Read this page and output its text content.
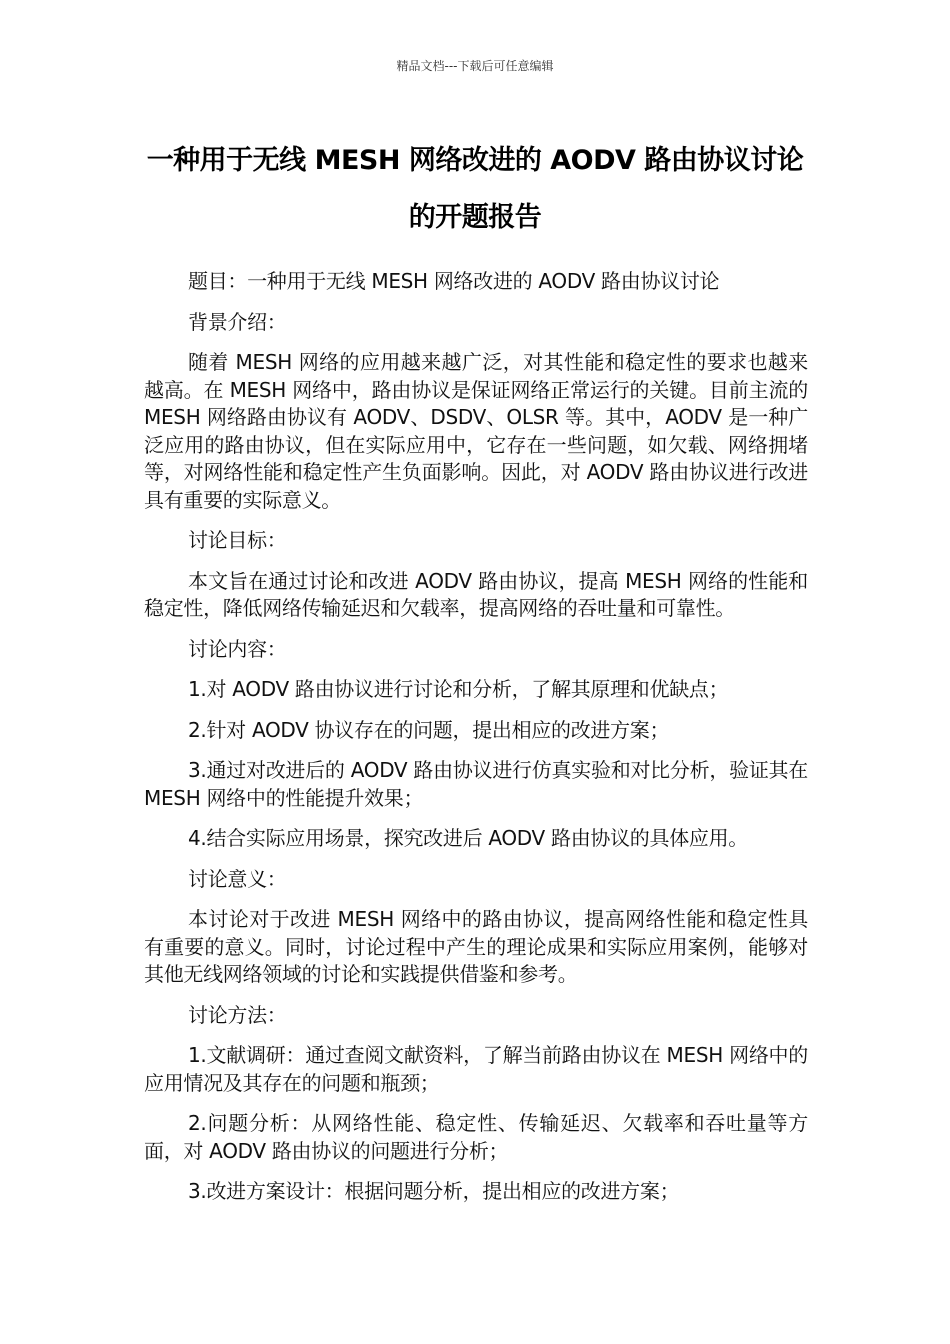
精品文档---下载后可任意编辑
一种用于无线 MESH 网络改进的 AODV 路由协议讨论的开题报告

题目：一种用于无线 MESH 网络改进的 AODV 路由协议讨论

背景介绍：

随着 MESH 网络的应用越来越广泛，对其性能和稳定性的要求也越来越高。在 MESH 网络中，路由协议是保证网络正常运行的关键。目前主流的 MESH 网络路由协议有 AODV、DSDV、OLSR 等。其中，AODV 是一种广泛应用的路由协议，但在实际应用中，它存在一些问题，如欠载、网络拥堵等，对网络性能和稳定性产生负面影响。因此，对 AODV 路由协议进行改进具有重要的实际意义。

讨论目标：

本文旨在通过讨论和改进 AODV 路由协议，提高 MESH 网络的性能和稳定性，降低网络传输延迟和欠载率，提高网络的吞吐量和可靠性。

讨论内容：

1.对 AODV 路由协议进行讨论和分析，了解其原理和优缺点；

2.针对 AODV 协议存在的问题，提出相应的改进方案；

3.通过对改进后的 AODV 路由协议进行仿真实验和对比分析，验证其在 MESH 网络中的性能提升效果；

4.结合实际应用场景，探究改进后 AODV 路由协议的具体应用。

讨论意义：

本讨论对于改进 MESH 网络中的路由协议，提高网络性能和稳定性具有重要的意义。同时，讨论过程中产生的理论成果和实际应用案例，能够对其他无线网络领域的讨论和实践提供借鉴和参考。

讨论方法：

1.文献调研：通过查阅文献资料，了解当前路由协议在 MESH 网络中的应用情况及其存在的问题和瓶颈；

2.问题分析：从网络性能、稳定性、传输延迟、欠载率和吞吐量等方面，对 AODV 路由协议的问题进行分析；

3.改进方案设计：根据问题分析，提出相应的改进方案；
